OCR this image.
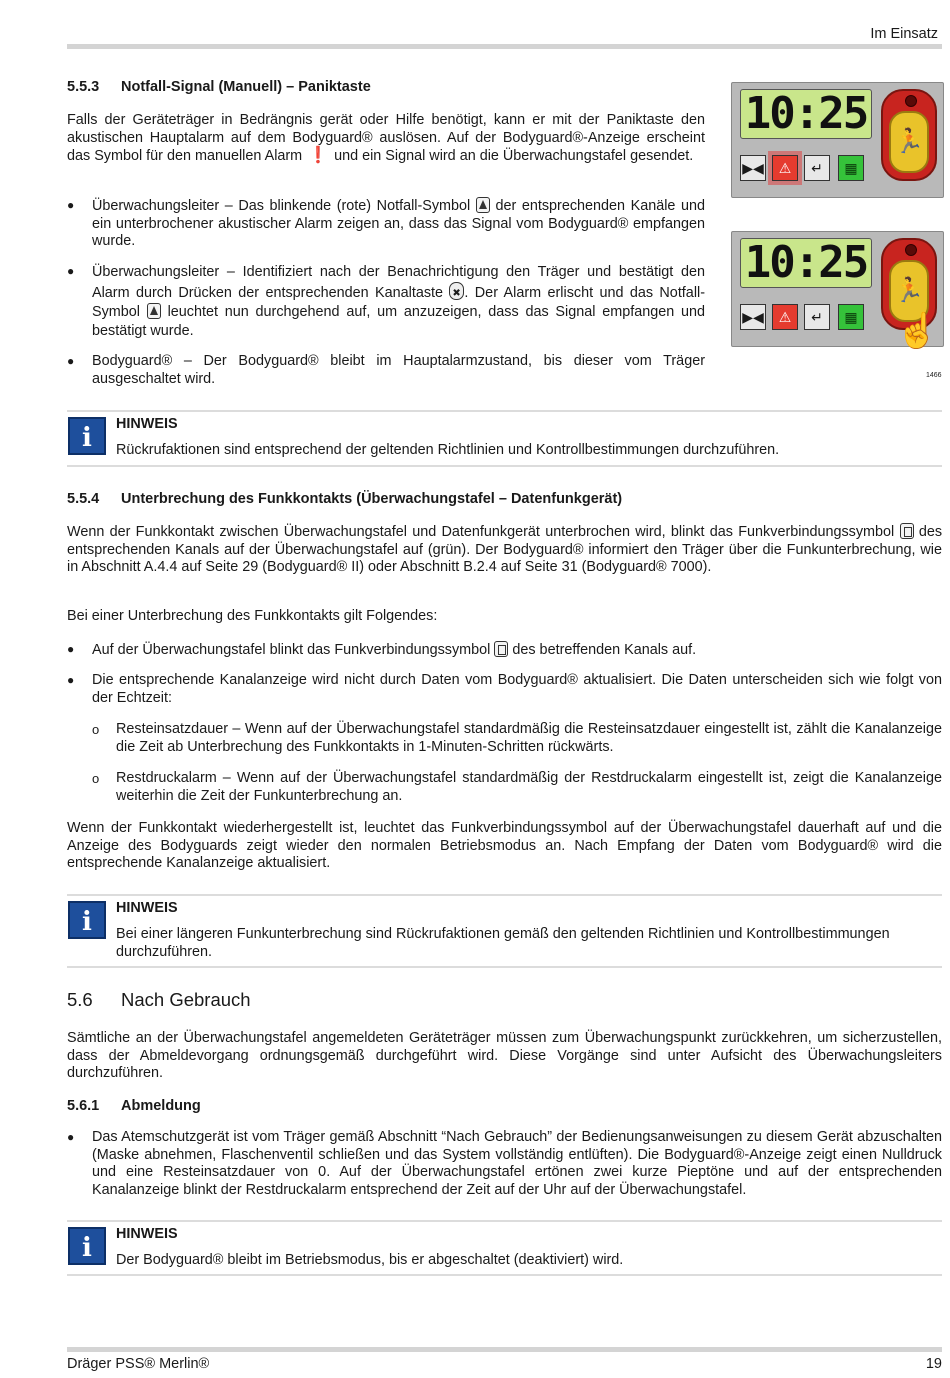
Im Einsatz
5.5.3 Notfall-Signal (Manuell) – Paniktaste

Falls der Geräteträger in Bedrängnis gerät oder Hilfe benötigt, kann er mit der Paniktaste den akustischen Hauptalarm auf dem Bodyguard® auslösen. Auf der Bodyguard®-Anzeige erscheint das Symbol für den manuellen Alarm ❗ und ein Signal wird an die Überwachungstafel gesendet.

●	Überwachungsleiter – Das blinkende (rote) Notfall-Symbol der entsprechenden Kanäle und ein unterbrochener akustischer Alarm zeigen an, dass das Signal vom Bodyguard® empfangen wurde.

●	Überwachungsleiter – Identifiziert nach der Benachrichtigung den Träger und bestätigt den Alarm durch Drücken der entsprechenden Kanaltaste ✖ . Der Alarm erlischt und das Notfall-Symbol leuchtet nun durchgehend auf, um anzuzeigen, dass das Signal empfangen und bestätigt wurde.

●	Bodyguard® – Der Bodyguard® bleibt im Hauptalarmzustand, bis dieser vom Träger ausgeschaltet wird.

10:25
▶◀	⚠	↵	▦
🏃
10:25
▶◀	⚠	↵	▦
🏃
☝
1466
i	HINWEIS
Rückrufaktionen sind entsprechend der geltenden Richtlinien und Kontrollbestimmungen durchzuführen.
5.5.4 Unterbrechung des Funkkontakts (Überwachungstafel – Datenfunkgerät)

Wenn der Funkkontakt zwischen Überwachungstafel und Datenfunkgerät unterbrochen wird, blinkt das Funkverbindungssymbol des entsprechenden Kanals auf der Überwachungstafel auf (grün). Der Bodyguard® informiert den Träger über die Funkunterbrechung, wie in Abschnitt A.4.4 auf Seite 29 (Bodyguard® II) oder Abschnitt B.2.4 auf Seite 31 (Bodyguard® 7000).

Bei einer Unterbrechung des Funkkontakts gilt Folgendes:

●	Auf der Überwachungstafel blinkt das Funkverbindungssymbol des betreffenden Kanals auf.

●	Die entsprechende Kanalanzeige wird nicht durch Daten vom Bodyguard® aktualisiert. Die Daten unterscheiden sich wie folgt von der Echtzeit:

o	Resteinsatzdauer – Wenn auf der Überwachungstafel standardmäßig die Resteinsatzdauer eingestellt ist, zählt die Kanalanzeige die Zeit ab Unterbrechung des Funkkontakts in 1-Minuten-Schritten rückwärts.

o	Restdruckalarm – Wenn auf der Überwachungstafel standardmäßig der Restdruckalarm eingestellt ist, zeigt die Kanalanzeige weiterhin die Zeit der Funkunterbrechung an.

Wenn der Funkkontakt wiederhergestellt ist, leuchtet das Funkverbindungssymbol auf der Überwachungstafel dauerhaft auf und die Anzeige des Bodyguards zeigt wieder den normalen Betriebsmodus an. Nach Empfang der Daten vom Bodyguard® wird die entsprechende Kanalanzeige aktualisiert.

i	HINWEIS
Bei einer längeren Funkunterbrechung sind Rückrufaktionen gemäß den geltenden Richtlinien und Kontrollbestimmungen durchzuführen.
5.6 Nach Gebrauch

Sämtliche an der Überwachungstafel angemeldeten Geräteträger müssen zum Überwachungspunkt zurückkehren, um sicherzustellen, dass der Abmeldevorgang ordnungsgemäß durchgeführt wird. Diese Vorgänge sind unter Aufsicht des Überwachungsleiters durchzuführen.

5.6.1 Abmeldung
●	Das Atemschutzgerät ist vom Träger gemäß Abschnitt “Nach Gebrauch” der Bedienungsanweisungen zu diesem Gerät abzuschalten (Maske abnehmen, Flaschenventil schließen und das System vollständig entlüften). Die Bodyguard®-Anzeige zeigt einen Nulldruck und eine Resteinsatzdauer von 0. Auf der Überwachungstafel ertönen zwei kurze Pieptöne und auf der entsprechenden Kanalanzeige blinkt der Restdruckalarm entsprechend der Zeit auf der Uhr auf der Überwachungstafel.

i	HINWEIS
Der Bodyguard® bleibt im Betriebsmodus, bis er abgeschaltet (deaktiviert) wird.
Dräger PSS® Merlin®	19
